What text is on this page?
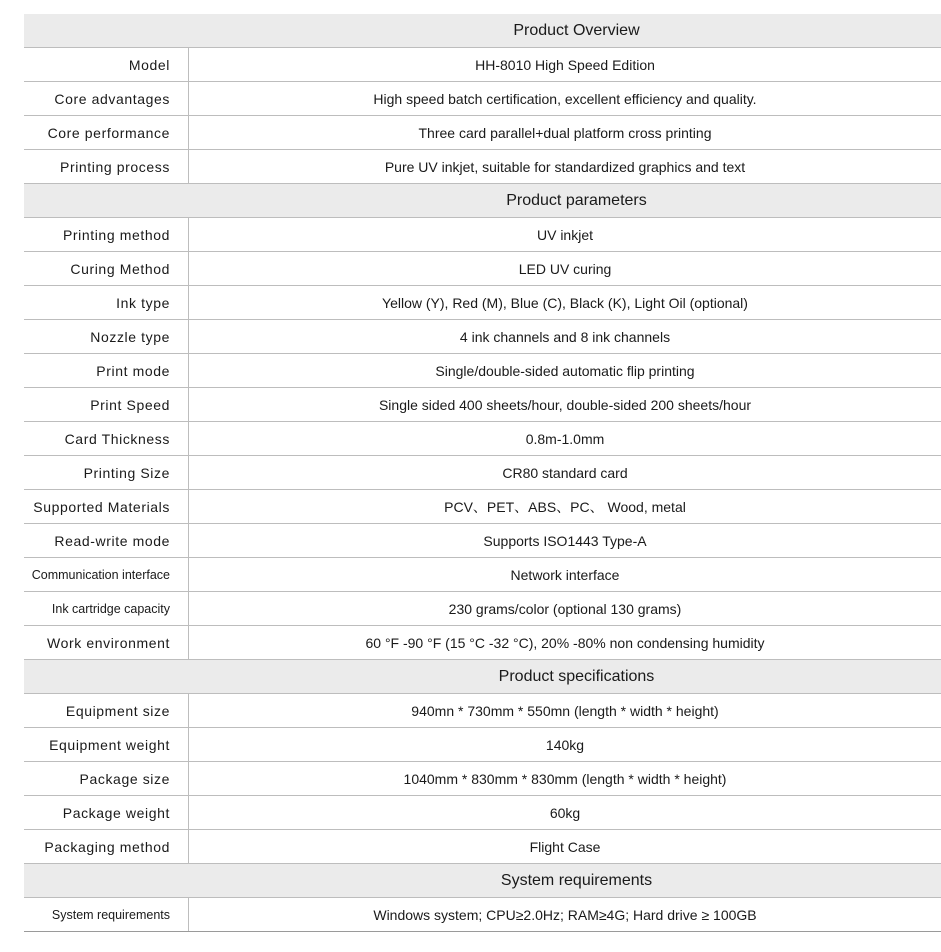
Product Overview
Model	HH-8010 High Speed Edition
Core advantages	High speed batch certification, excellent efficiency and quality.
Core performance	Three card parallel+dual platform cross printing
Printing process	Pure UV inkjet, suitable for standardized graphics and text
Product parameters
Printing method	UV inkjet
Curing Method	LED UV curing
Ink type	Yellow (Y), Red (M), Blue (C), Black (K), Light Oil (optional)
Nozzle type	4 ink channels and 8 ink channels
Print mode	Single/double-sided automatic flip printing
Print Speed	Single sided 400 sheets/hour, double-sided 200 sheets/hour
Card Thickness	0.8m-1.0mm
Printing Size	CR80 standard card
Supported Materials	PCV、PET、ABS、PC、 Wood, metal
Read-write mode	Supports ISO1443 Type-A
Communication interface	Network interface
Ink cartridge capacity	230 grams/color (optional 130 grams)
Work environment	60 °F -90 °F (15 °C -32 °C), 20% -80% non condensing humidity
Product specifications
Equipment size	940mn * 730mm * 550mn (length * width * height)
Equipment weight	140kg
Package size	1040mm * 830mm * 830mm (length * width * height)
Package weight	60kg
Packaging method	Flight Case
System requirements
System requirements	Windows system; CPU≥2.0Hz; RAM≥4G; Hard drive ≥ 100GB
